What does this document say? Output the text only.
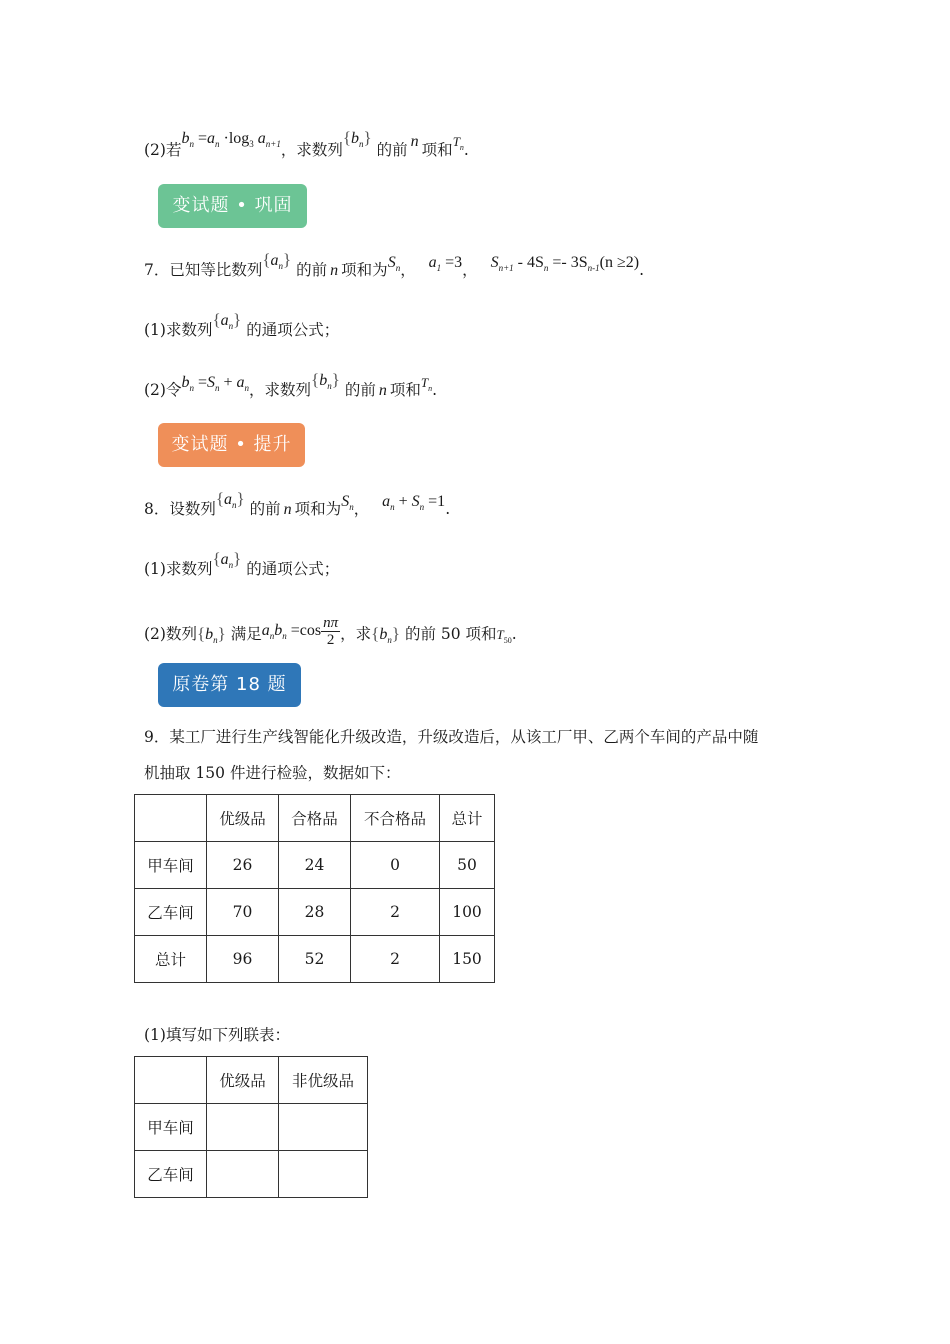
(2)若$b_n =a_n \cdot\log_3$ $a_{n+1}$，求数列$\{b_n\}$ 的前 n 项和$^{T_n}$.
变试题 • 巩固
7．已知等比数列$\{a_n\}$ 的前 n 项和为$S_n$， $a_1 =3$， $S_{n+1} - 4S_n =- 3S_{n-1}(n \ge 2)$.
(1)求数列$\{a_n\}$ 的通项公式；
(2)令$b_n =S_n + a_n$，求数列$\{b_n\}$ 的前 n 项和$^{T_n}$.
变试题 • 提升
8．设数列$\{a_n\}$ 的前 n 项和为$S_n$， $a_n + S_n =1$.
(1)求数列$\{a_n\}$ 的通项公式；
(2)数列$\{b_n\}$ 满足$a_nb_n =\cos \frac{n\pi}{2}$ ，求$\{b_n\}$ 的前 50 项和$T_{50}$.
原卷第 18 题
9．某工厂进行生产线智能化升级改造，升级改造后，从该工厂甲、乙两个车间的产品中随
机抽取 150 件进行检验，数据如下：
	优级品	合格品	不合格品	总计
甲车间	26	24	0	50
乙车间	70	28	2	100
总计	96	52	2	150
(1)填写如下列联表：
	优级品	非优级品
甲车间		
乙车间		
